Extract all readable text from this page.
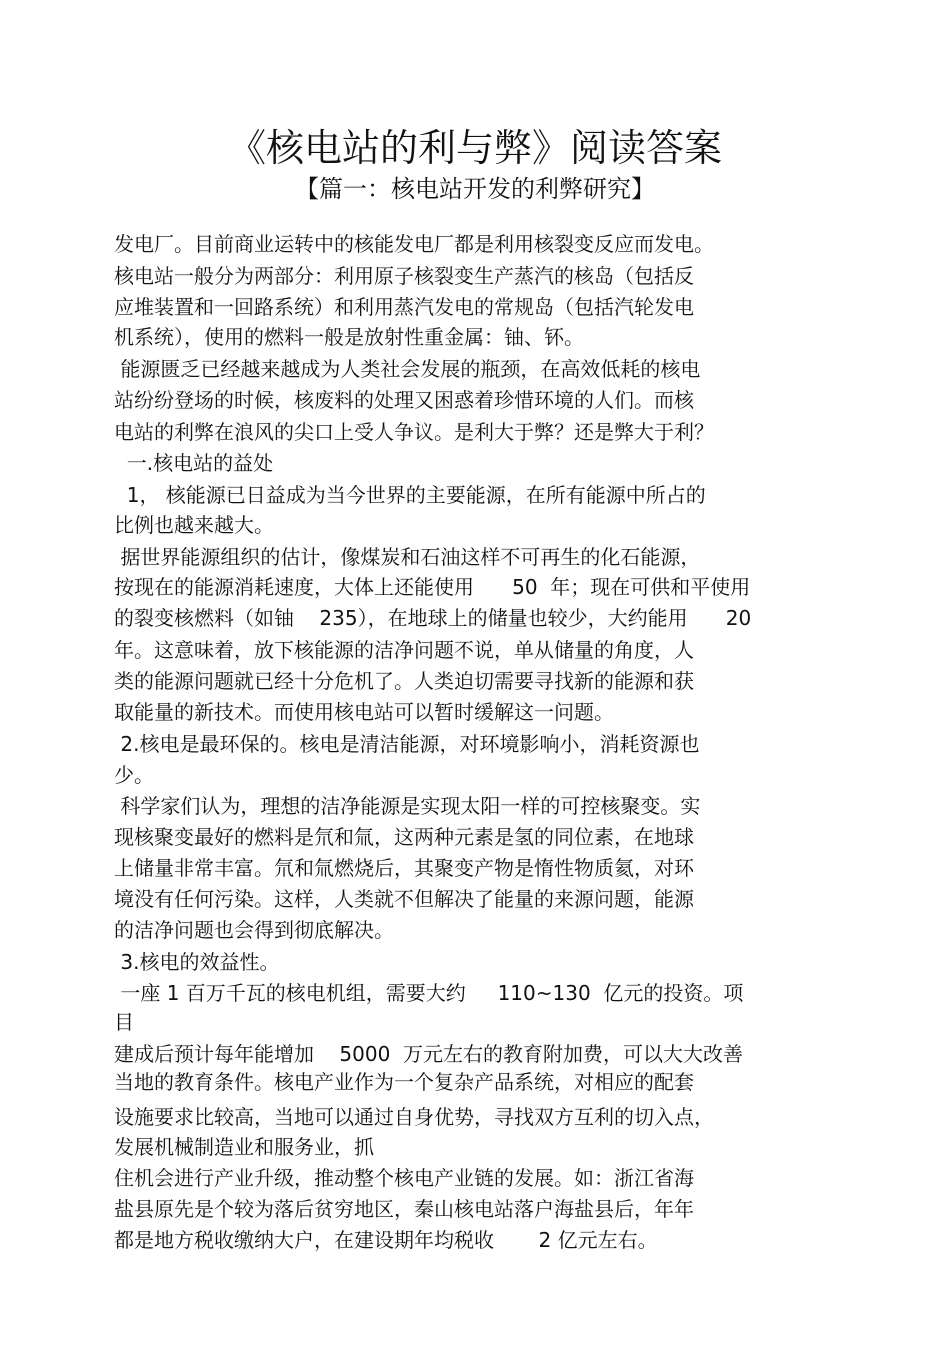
《核电站的利与弊》阅读答案
【篇一：核电站开发的利弊研究】
发电厂。目前商业运转中的核能发电厂都是利用核裂变反应而发电。
核电站一般分为两部分：利用原子核裂变生产蒸汽的核岛（包括反
应堆装置和一回路系统）和利用蒸汽发电的常规岛（包括汽轮发电
机系统），使用的燃料一般是放射性重金属：铀、钚。
能源匮乏已经越来越成为人类社会发展的瓶颈，在高效低耗的核电
站纷纷登场的时候，核废料的处理又困惑着珍惜环境的人们。而核
电站的利弊在浪风的尖口上受人争议。是利大于弊？还是弊大于利？
一.核电站的益处
1， 核能源已日益成为当今世界的主要能源，在所有能源中所占的
比例也越来越大。
据世界能源组织的估计，像煤炭和石油这样不可再生的化石能源，
按现在的能源消耗速度，大体上还能使用      50  年；现在可供和平使用
的裂变核燃料（如铀    235），在地球上的储量也较少，大约能用      20
年。这意味着，放下核能源的洁净问题不说，单从储量的角度，人
类的能源问题就已经十分危机了。人类迫切需要寻找新的能源和获
取能量的新技术。而使用核电站可以暂时缓解这一问题。
2.核电是最环保的。核电是清洁能源，对环境影响小，消耗资源也
少。
科学家们认为，理想的洁净能源是实现太阳一样的可控核聚变。实
现核聚变最好的燃料是氘和氚，这两种元素是氢的同位素，在地球
上储量非常丰富。氘和氚燃烧后，其聚变产物是惰性物质氦，对环
境没有任何污染。这样，人类就不但解决了能量的来源问题，能源
的洁净问题也会得到彻底解决。
3.核电的效益性。
一座 1 百万千瓦的核电机组，需要大约     110~130  亿元的投资。项
目
建成后预计每年能增加    5000  万元左右的教育附加费，可以大大改善
当地的教育条件。核电产业作为一个复杂产品系统，对相应的配套
设施要求比较高，当地可以通过自身优势，寻找双方互利的切入点，
发展机械制造业和服务业，抓
住机会进行产业升级，推动整个核电产业链的发展。如：浙江省海
盐县原先是个较为落后贫穷地区，秦山核电站落户海盐县后，年年
都是地方税收缴纳大户，在建设期年均税收       2 亿元左右。
